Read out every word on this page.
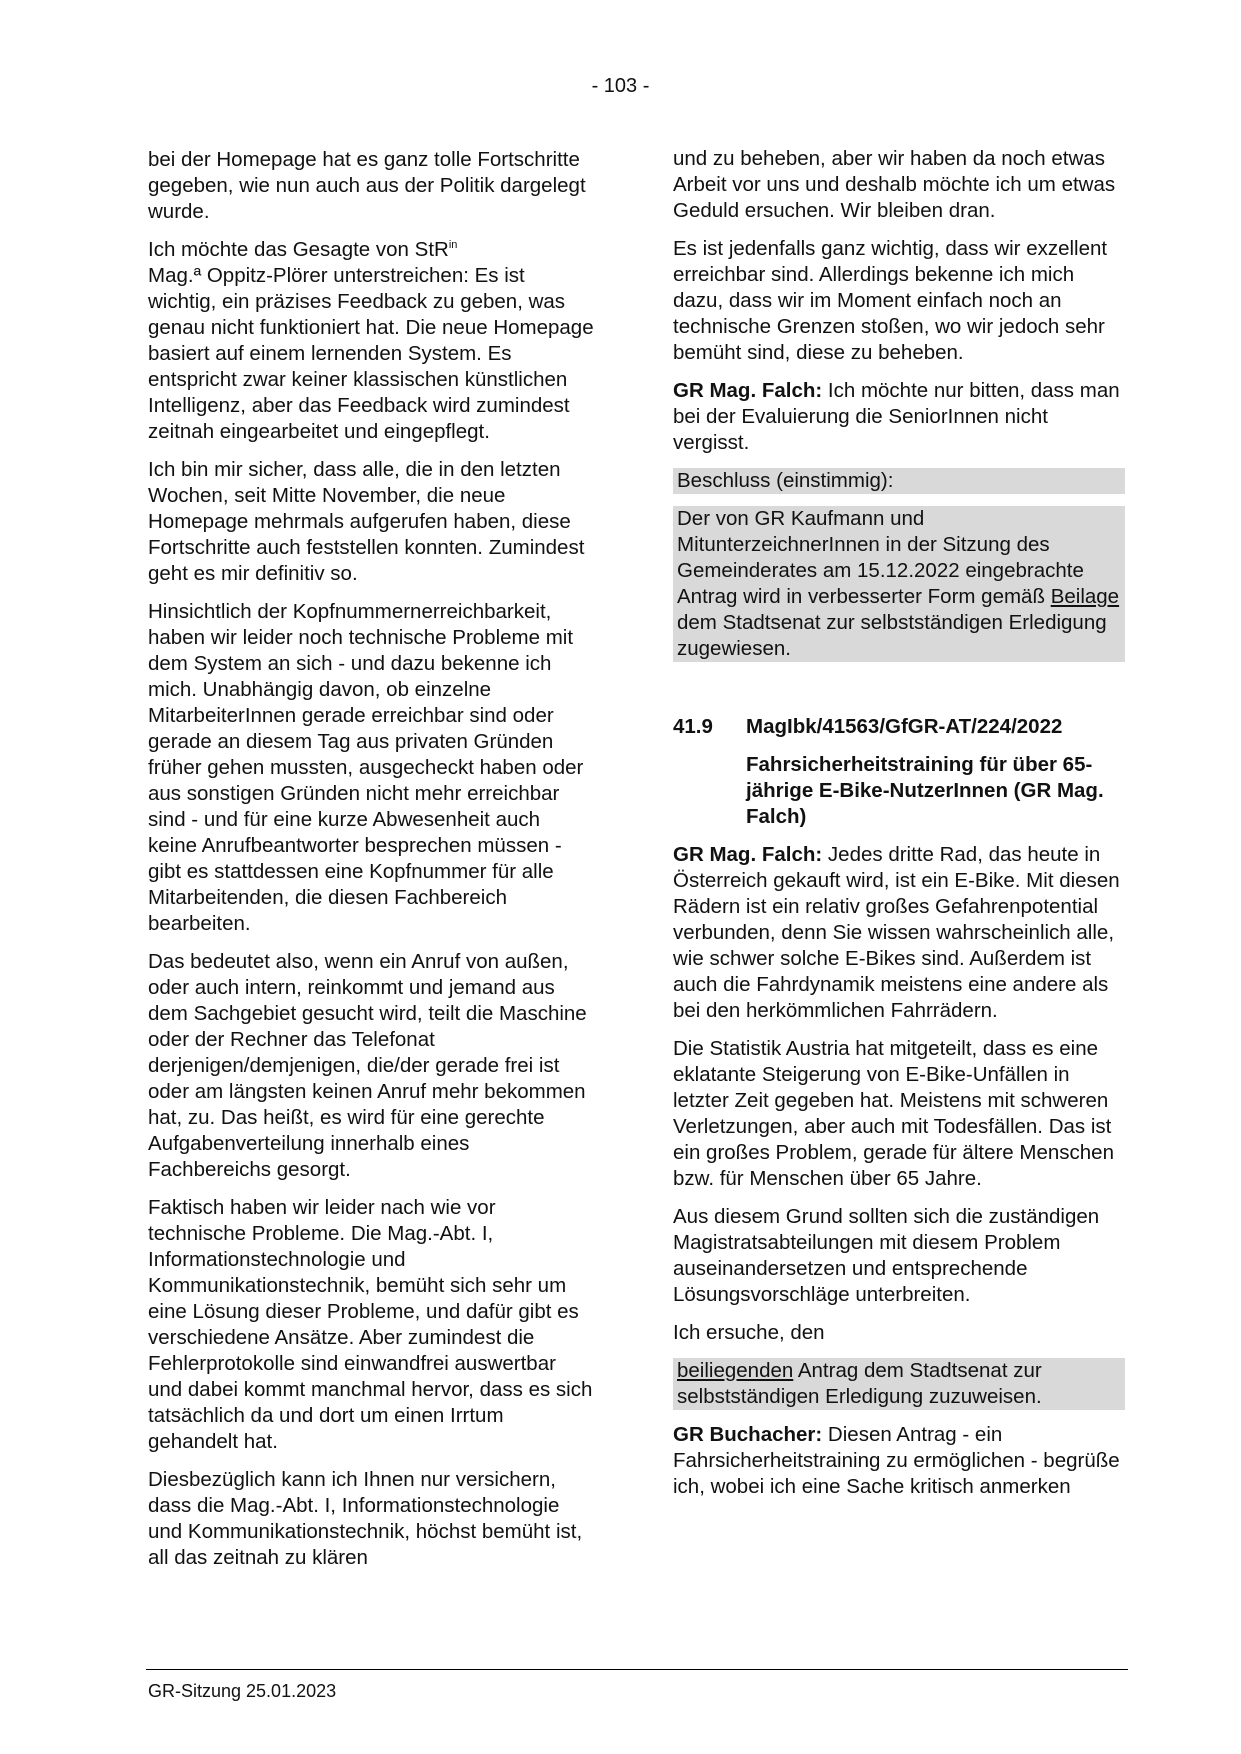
- 103 -

bei der Homepage hat es ganz tolle Fortschritte gegeben, wie nun auch aus der Politik dargelegt wurde.

Ich möchte das Gesagte von StR$^{in}$
Mag.ª Oppitz-Plörer unterstreichen: Es ist wichtig, ein präzises Feedback zu geben, was genau nicht funktioniert hat. Die neue Homepage basiert auf einem lernenden System. Es entspricht zwar keiner klassischen künstlichen Intelligenz, aber das Feedback wird zumindest zeitnah eingearbeitet und eingepflegt.

Ich bin mir sicher, dass alle, die in den letzten Wochen, seit Mitte November, die neue Homepage mehrmals aufgerufen haben, diese Fortschritte auch feststellen konnten. Zumindest geht es mir definitiv so.

Hinsichtlich der Kopfnummernerreichbarkeit, haben wir leider noch technische Probleme mit dem System an sich - und dazu bekenne ich mich. Unabhängig davon, ob einzelne MitarbeiterInnen gerade erreichbar sind oder gerade an diesem Tag aus privaten Gründen früher gehen mussten, ausgecheckt haben oder aus sonstigen Gründen nicht mehr erreichbar sind - und für eine kurze Abwesenheit auch keine Anrufbeantworter besprechen müssen - gibt es stattdessen eine Kopfnummer für alle Mitarbeitenden, die diesen Fachbereich bearbeiten.

Das bedeutet also, wenn ein Anruf von außen, oder auch intern, reinkommt und jemand aus dem Sachgebiet gesucht wird, teilt die Maschine oder der Rechner das Telefonat derjenigen/demjenigen, die/der gerade frei ist oder am längsten keinen Anruf mehr bekommen hat, zu. Das heißt, es wird für eine gerechte Aufgabenverteilung innerhalb eines Fachbereichs gesorgt.

Faktisch haben wir leider nach wie vor technische Probleme. Die Mag.-Abt. I, Informationstechnologie und Kommunikationstechnik, bemüht sich sehr um eine Lösung dieser Probleme, und dafür gibt es verschiedene Ansätze. Aber zumindest die Fehlerprotokolle sind einwandfrei auswertbar und dabei kommt manchmal hervor, dass es sich tatsächlich da und dort um einen Irrtum gehandelt hat.

Diesbezüglich kann ich Ihnen nur versichern, dass die Mag.-Abt. I, Informationstechnologie und Kommunikationstechnik, höchst bemüht ist, all das zeitnah zu klären

und zu beheben, aber wir haben da noch etwas Arbeit vor uns und deshalb möchte ich um etwas Geduld ersuchen. Wir bleiben dran.

Es ist jedenfalls ganz wichtig, dass wir exzellent erreichbar sind. Allerdings bekenne ich mich dazu, dass wir im Moment einfach noch an technische Grenzen stoßen, wo wir jedoch sehr bemüht sind, diese zu beheben.

GR Mag. Falch: Ich möchte nur bitten, dass man bei der Evaluierung die SeniorInnen nicht vergisst.

Beschluss (einstimmig):

Der von GR Kaufmann und MitunterzeichnerInnen in der Sitzung des Gemeinderates am 15.12.2022 eingebrachte Antrag wird in verbesserter Form gemäß Beilage dem Stadtsenat zur selbstständigen Erledigung zugewiesen.

41.9	MagIbk/41563/GfGR-AT/224/2022
Fahrsicherheitstraining für über 65-jährige E-Bike-NutzerInnen (GR Mag. Falch)

GR Mag. Falch: Jedes dritte Rad, das heute in Österreich gekauft wird, ist ein E-Bike. Mit diesen Rädern ist ein relativ großes Gefahrenpotential verbunden, denn Sie wissen wahrscheinlich alle, wie schwer solche E-Bikes sind. Außerdem ist auch die Fahrdynamik meistens eine andere als bei den herkömmlichen Fahrrädern.

Die Statistik Austria hat mitgeteilt, dass es eine eklatante Steigerung von E-Bike-Unfällen in letzter Zeit gegeben hat. Meistens mit schweren Verletzungen, aber auch mit Todesfällen. Das ist ein großes Problem, gerade für ältere Menschen bzw. für Menschen über 65 Jahre.

Aus diesem Grund sollten sich die zuständigen Magistratsabteilungen mit diesem Problem auseinandersetzen und entsprechende Lösungsvorschläge unterbreiten.

Ich ersuche, den

beiliegenden Antrag dem Stadtsenat zur selbstständigen Erledigung zuzuweisen.

GR Buchacher: Diesen Antrag - ein Fahrsicherheitstraining zu ermöglichen - begrüße ich, wobei ich eine Sache kritisch anmerken

GR-Sitzung 25.01.2023
